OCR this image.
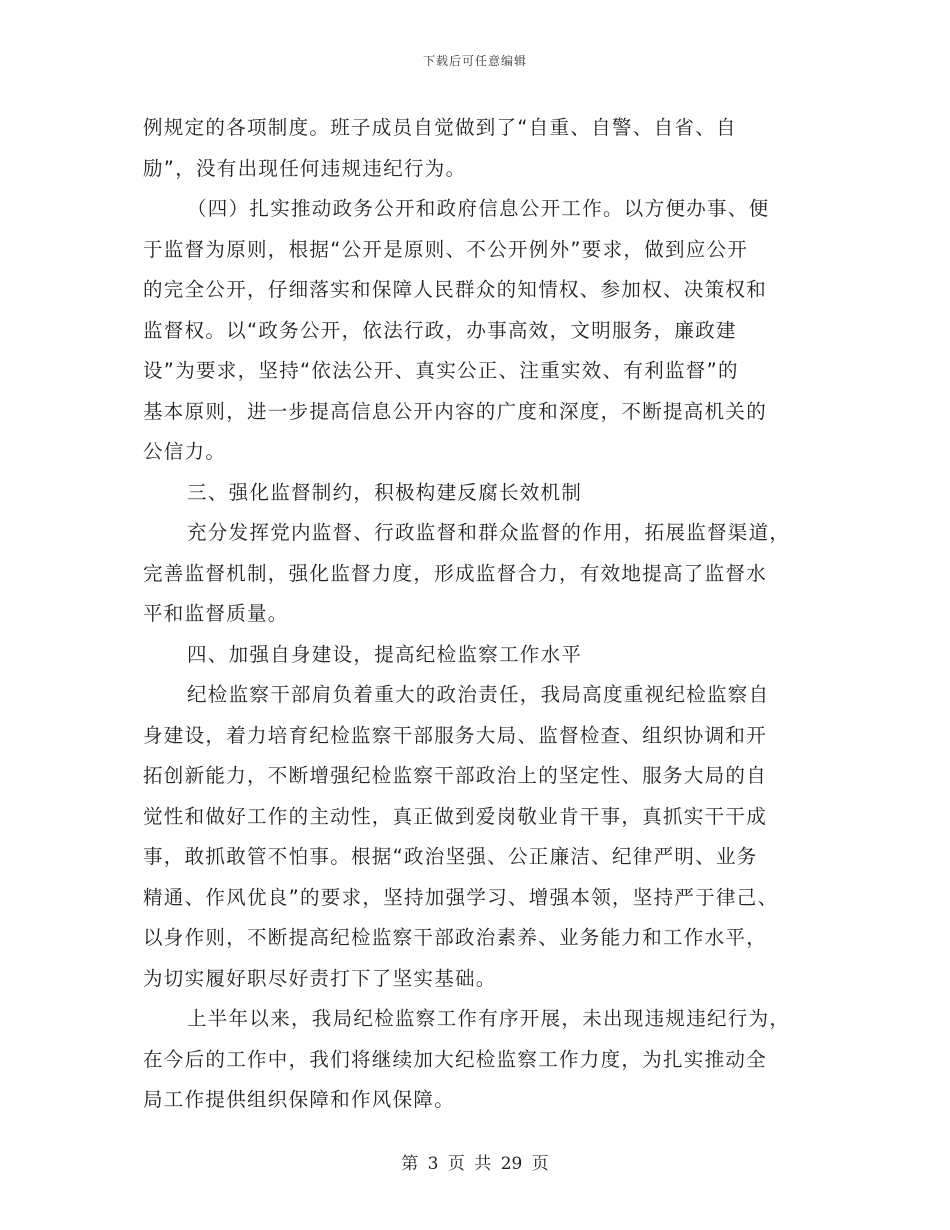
下载后可任意编辑
例规定的各项制度。班子成员自觉做到了“自重、自警、自省、自
励”，没有出现任何违规违纪行为。
（四）扎实推动政务公开和政府信息公开工作。以方便办事、便
于监督为原则，根据“公开是原则、不公开例外”要求，做到应公开
的完全公开，仔细落实和保障人民群众的知情权、参加权、决策权和
监督权。以“政务公开，依法行政，办事高效，文明服务，廉政建
设”为要求，坚持“依法公开、真实公正、注重实效、有利监督”的
基本原则，进一步提高信息公开内容的广度和深度，不断提高机关的
公信力。
三、强化监督制约，积极构建反腐长效机制
充分发挥党内监督、行政监督和群众监督的作用，拓展监督渠道，
完善监督机制，强化监督力度，形成监督合力，有效地提高了监督水
平和监督质量。
四、加强自身建设，提高纪检监察工作水平
纪检监察干部肩负着重大的政治责任，我局高度重视纪检监察自
身建设，着力培育纪检监察干部服务大局、监督检查、组织协调和开
拓创新能力，不断增强纪检监察干部政治上的坚定性、服务大局的自
觉性和做好工作的主动性，真正做到爱岗敬业肯干事，真抓实干干成
事，敢抓敢管不怕事。根据“政治坚强、公正廉洁、纪律严明、业务
精通、作风优良”的要求，坚持加强学习、增强本领，坚持严于律己、
以身作则，不断提高纪检监察干部政治素养、业务能力和工作水平，
为切实履好职尽好责打下了坚实基础。
上半年以来，我局纪检监察工作有序开展，未出现违规违纪行为，
在今后的工作中，我们将继续加大纪检监察工作力度，为扎实推动全
局工作提供组织保障和作风保障。
第 3 页 共 29 页
